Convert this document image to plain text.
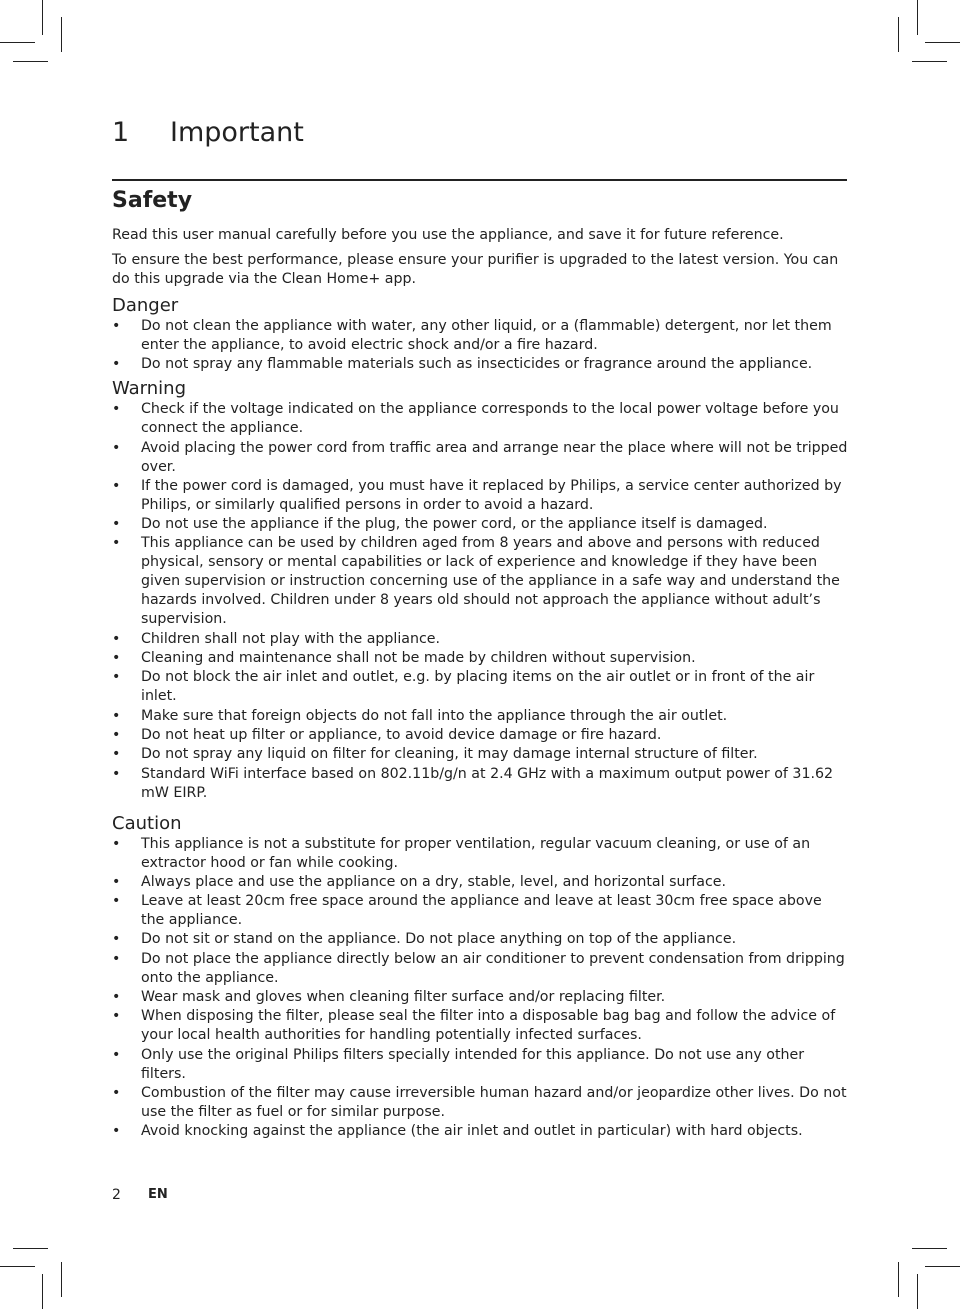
1	Important
Safety

Read this user manual carefully before you use the appliance, and save it for future reference.

To ensure the best performance, please ensure your purifier is upgraded to the latest version. You can do this upgrade via the Clean Home+ app.

Danger
• Do not clean the appliance with water, any other liquid, or a (flammable) detergent, nor let them enter the appliance, to avoid electric shock and/or a fire hazard.
• Do not spray any flammable materials such as insecticides or fragrance around the appliance.
Warning
• Check if the voltage indicated on the appliance corresponds to the local power voltage before you connect the appliance.
• Avoid placing the power cord from traffic area and arrange near the place where will not be tripped over.
• If the power cord is damaged, you must have it replaced by Philips, a service center authorized by Philips, or similarly qualified persons in order to avoid a hazard.
• Do not use the appliance if the plug, the power cord, or the appliance itself is damaged.
• This appliance can be used by children aged from 8 years and above and persons with reduced physical, sensory or mental capabilities or lack of experience and knowledge if they have been given supervision or instruction concerning use of the appliance in a safe way and understand the hazards involved. Children under 8 years old should not approach the appliance without adult’s supervision.
• Children shall not play with the appliance.
• Cleaning and maintenance shall not be made by children without supervision.
• Do not block the air inlet and outlet, e.g. by placing items on the air outlet or in front of the air inlet.
• Make sure that foreign objects do not fall into the appliance through the air outlet.
• Do not heat up filter or appliance, to avoid device damage or fire hazard.
• Do not spray any liquid on filter for cleaning, it may damage internal structure of filter.
• Standard WiFi interface based on 802.11b/g/n at 2.4 GHz with a maximum output power of 31.62 mW EIRP.
Caution
• This appliance is not a substitute for proper ventilation, regular vacuum cleaning, or use of an extractor hood or fan while cooking.
• Always place and use the appliance on a dry, stable, level, and horizontal surface.
• Leave at least 20cm free space around the appliance and leave at least 30cm free space above the appliance.
• Do not sit or stand on the appliance. Do not place anything on top of the appliance.
• Do not place the appliance directly below an air conditioner to prevent condensation from dripping onto the appliance.
• Wear mask and gloves when cleaning filter surface and/or replacing filter.
• When disposing the filter, please seal the filter into a disposable bag bag and follow the advice of your local health authorities for handling potentially infected surfaces.
• Only use the original Philips filters specially intended for this appliance. Do not use any other filters.
• Combustion of the filter may cause irreversible human hazard and/or jeopardize other lives. Do not use the filter as fuel or for similar purpose.
• Avoid knocking against the appliance (the air inlet and outlet in particular) with hard objects.
2	EN
